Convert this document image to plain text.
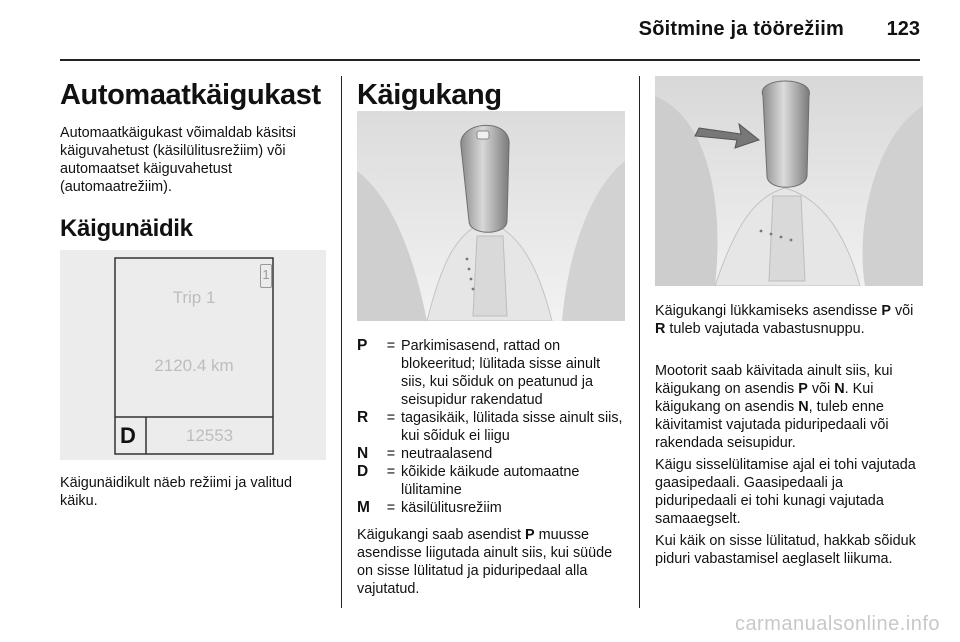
Sõitmine ja töörežiim 123
Automaatkäigukast
Automaatkäigukast võimaldab käsitsi käiguvahetust (käsilülitusrežiim) või automaatset käiguvahetust (automaatrežiim).
Käigunäidik
1
Trip 1
2120.4 km
D	12553
Käigunäidikult näeb režiimi ja valitud käiku.
Käigukang
P	= Parkimisasend, rattad on blokeeritud; lülitada sisse ainult siis, kui sõiduk on peatunud ja seisupidur rakendatud
R	= tagasikäik, lülitada sisse ainult siis, kui sõiduk ei liigu
N	= neutraalasend
D	= kõikide käikude automaatne lülitamine
M	= käsilülitusrežiim
Käigukangi saab asendist P muusse asendisse liigutada ainult siis, kui süüde on sisse lülitatud ja piduripedaal alla vajutatud.
Käigukangi lükkamiseks asendisse P või R tuleb vajutada vabastusnuppu.
Mootorit saab käivitada ainult siis, kui käigukang on asendis P või N. Kui käigukang on asendis N, tuleb enne käivitamist vajutada piduripedaali või rakendada seisupidur.
Käigu sisselülitamise ajal ei tohi vajutada gaasipedaali. Gaasipedaali ja piduripedaali ei tohi kunagi vajutada samaaegselt.
Kui käik on sisse lülitatud, hakkab sõiduk piduri vabastamisel aeglaselt liikuma.
carmanualsonline.info
